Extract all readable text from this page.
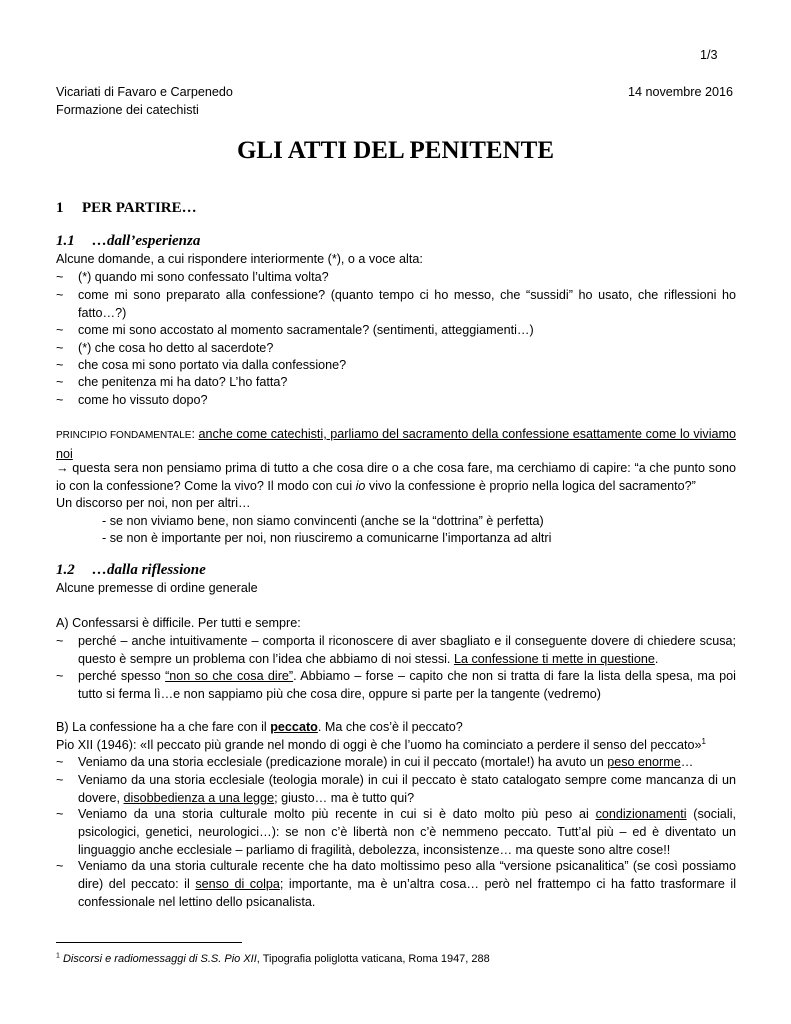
1/3
Vicariati di Favaro e Carpenedo
Formazione dei catechisti
14 novembre 2016
GLI ATTI DEL PENITENTE
1 PER PARTIRE…
1.1 …dall’esperienza
Alcune domande, a cui rispondere interiormente (*), o a voce alta:
~ (*) quando mi sono confessato l’ultima volta?
~ come mi sono preparato alla confessione? (quanto tempo ci ho messo, che “sussidi” ho usato, che riflessioni ho fatto…?)
~ come mi sono accostato al momento sacramentale? (sentimenti, atteggiamenti…)
~ (*) che cosa ho detto al sacerdote?
~ che cosa mi sono portato via dalla confessione?
~ che penitenza mi ha dato? L’ho fatta?
~ come ho vissuto dopo?
PRINCIPIO FONDAMENTALE: anche come catechisti, parliamo del sacramento della confessione esattamente come lo viviamo noi
→ questa sera non pensiamo prima di tutto a che cosa dire o a che cosa fare, ma cerchiamo di capire: “a che punto sono io con la confessione? Come la vivo? Il modo con cui io vivo la confessione è proprio nella logica del sacramento?”
Un discorso per noi, non per altri…
- se non viviamo bene, non siamo convincenti (anche se la “dottrina” è perfetta)
- se non è importante per noi, non riusciremo a comunicarne l’importanza ad altri
1.2 …dalla riflessione
Alcune premesse di ordine generale
A) Confessarsi è difficile. Per tutti e sempre:
~ perché – anche intuitivamente – comporta il riconoscere di aver sbagliato e il conseguente dovere di chiedere scusa; questo è sempre un problema con l’idea che abbiamo di noi stessi. La confessione ti mette in questione.
~ perché spesso “non so che cosa dire”. Abbiamo – forse – capito che non si tratta di fare la lista della spesa, ma poi tutto si ferma lì…e non sappiamo più che cosa dire, oppure si parte per la tangente (vedremo)
B) La confessione ha a che fare con il peccato. Ma che cos’è il peccato?
Pio XII (1946): «Il peccato più grande nel mondo di oggi è che l’uomo ha cominciato a perdere il senso del peccato»$^1$
~ Veniamo da una storia ecclesiale (predicazione morale) in cui il peccato (mortale!) ha avuto un peso enorme…
~ Veniamo da una storia ecclesiale (teologia morale) in cui il peccato è stato catalogato sempre come mancanza di un dovere, disobbedienza a una legge; giusto… ma è tutto qui?
~ Veniamo da una storia culturale molto più recente in cui si è dato molto più peso ai condizionamenti (sociali, psicologici, genetici, neurologici…): se non c’è libertà non c’è nemmeno peccato. Tutt’al più – ed è diventato un linguaggio anche ecclesiale – parliamo di fragilità, debolezza, inconsistenze… ma queste sono altre cose!!
~ Veniamo da una storia culturale recente che ha dato moltissimo peso alla “versione psicanalitica” (se così possiamo dire) del peccato: il senso di colpa; importante, ma è un’altra cosa… però nel frattempo ci ha fatto trasformare il confessionale nel lettino dello psicanalista.
$^1$ Discorsi e radiomessaggi di S.S. Pio XII, Tipografia poliglotta vaticana, Roma 1947, 288
